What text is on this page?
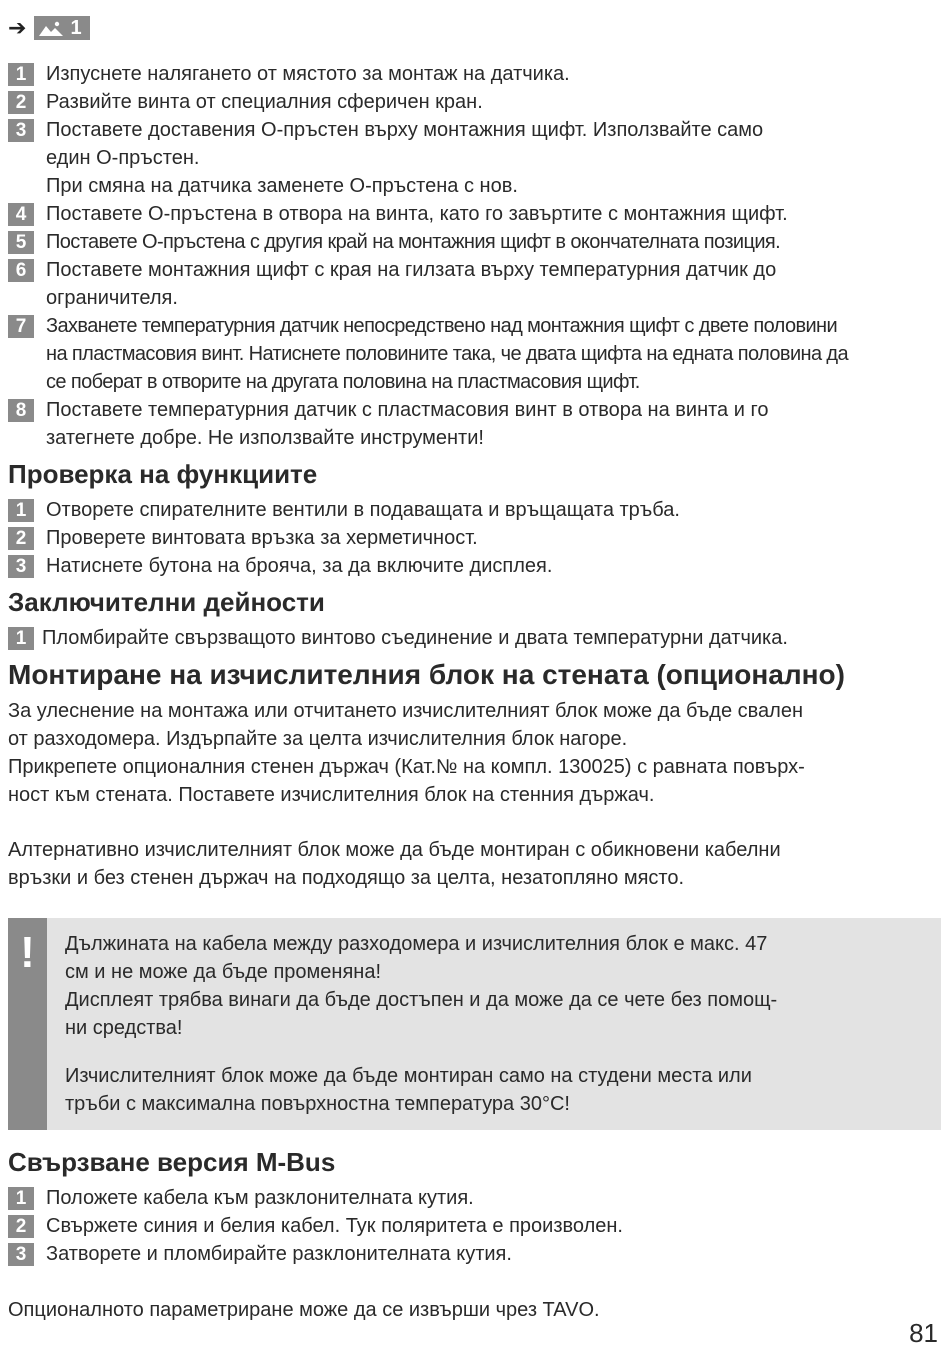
➔ 1
1 Изпуснете налягането от мястото за монтаж на датчика.
2 Развийте винта от специалния сферичен кран.
3 Поставете доставения О-пръстен върху монтажния щифт. Използвайте само
един О-пръстен.
При смяна на датчика заменете О-пръстена с нов.
4 Поставете О-пръстена в отвора на винта, като го завъртите с монтажния щифт.
5 Поставете О-пръстена с другия край на монтажния щифт в окончателната позиция.
6 Поставете монтажния щифт с края на гилзата върху температурния датчик до
ограничителя.
7 Захванете температурния датчик непосредствено над монтажния щифт с двете половини
на пластмасовия винт. Натиснете половините така, че двата щифта на едната половина да
се поберат в отворите на другата половина на пластмасовия щифт.
8 Поставете температурния датчик с пластмасовия винт в отвора на винта и го
затегнете добре. Не използвайте инструменти!
Проверка на функциите
1 Отворете спирателните вентили в подаващата и връщащата тръба.
2 Проверете винтовата връзка за херметичност.
3 Натиснете бутона на брояча, за да включите дисплея.
Заключителни дейности
1 Пломбирайте свързващото винтово съединение и двата температурни датчика.
Монтиране на изчислителния блок на стената (опционално)
За улеснение на монтажа или отчитането изчислителният блок може да бъде свален
от разходомера. Издърпайте за целта изчислителния блок нагоре.
Прикрепете опционалния стенен държач (Кат.№ на компл. 130025) с равната повърх-
ност към стената. Поставете изчислителния блок на стенния държач.
Алтернативно изчислителният блок може да бъде монтиран с обикновени кабелни
връзки и без стенен държач на подходящо за целта, незатопляно място.
!	Дължината на кабела между разходомера и изчислителния блок е макс. 47
см и не може да бъде променяна!
Дисплеят трябва винаги да бъде достъпен и да може да се чете без помощ-
ни средства!
Изчислителният блок може да бъде монтиран само на студени места или
тръби с максимална повърхностна температура 30°C!
Свързване версия M-Bus
1 Положете кабела към разклонителната кутия.
2 Свържете синия и белия кабел. Тук поляритета е произволен.
3 Затворете и пломбирайте разклонителната кутия.
Опционалното параметриране може да се извърши чрез TAVO.
81
